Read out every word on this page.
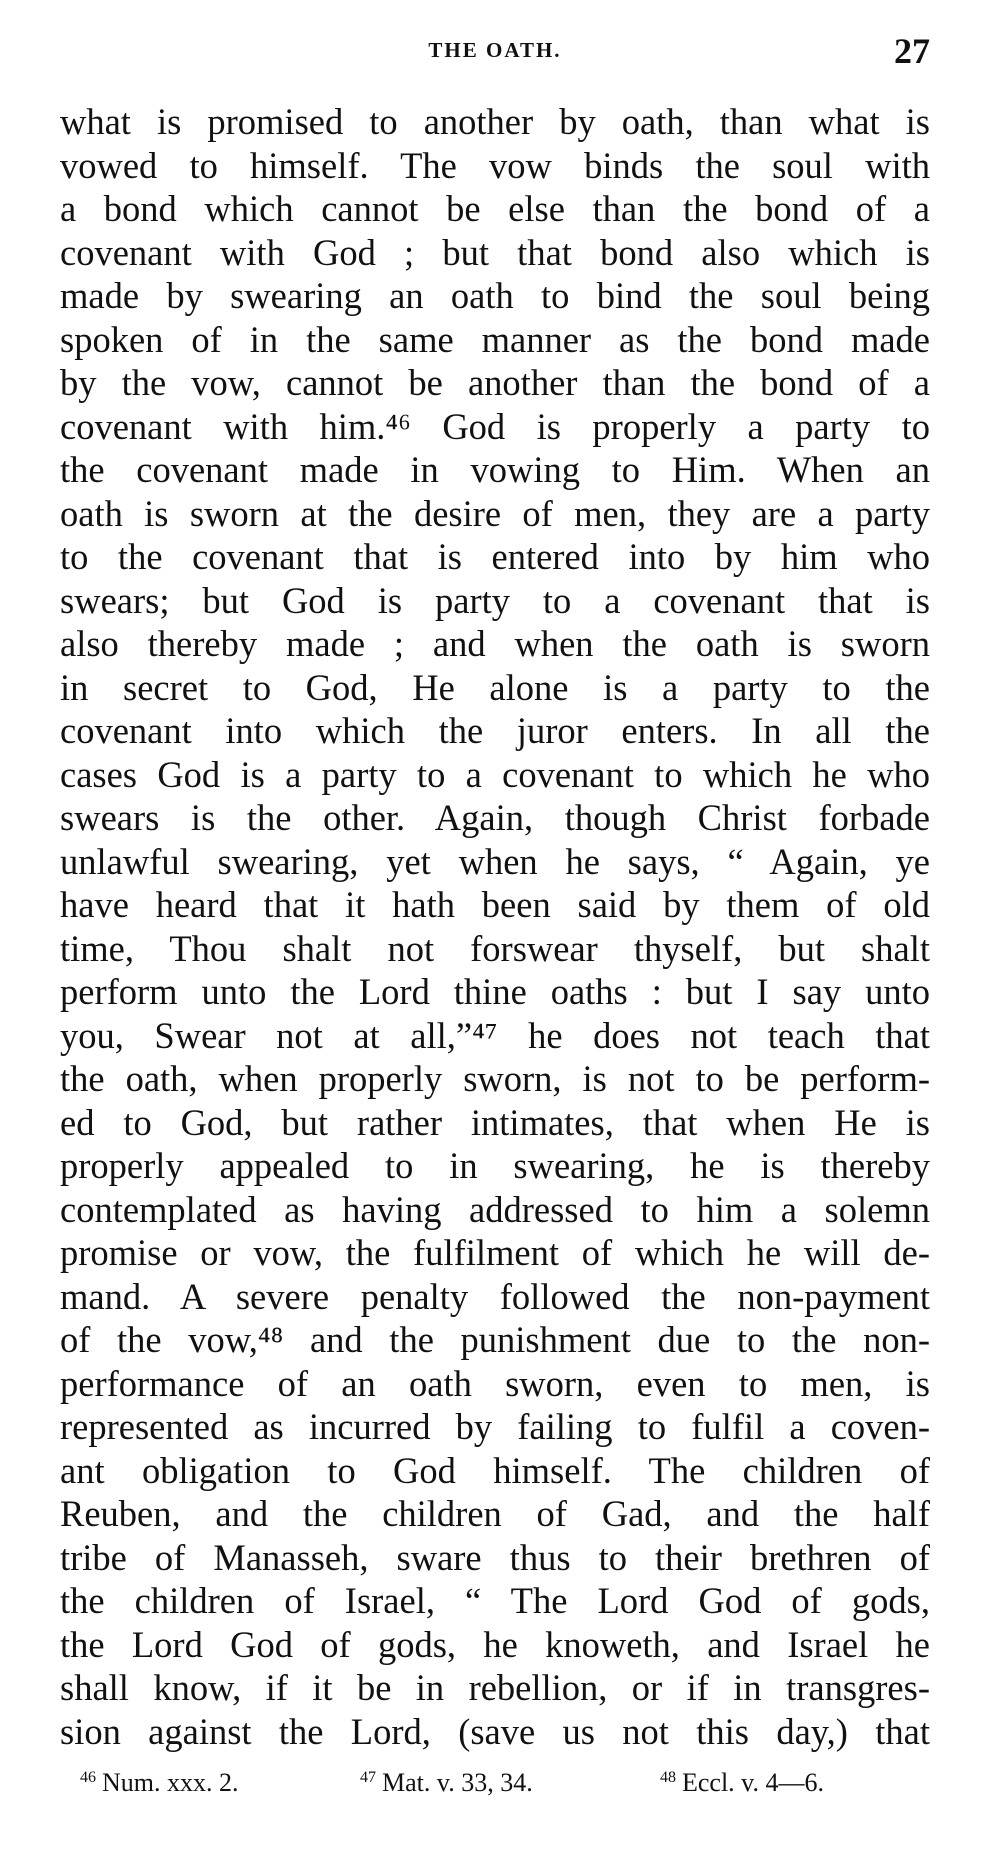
THE OATH.	27
what is promised to another by oath, than what is
vowed to himself. The vow binds the soul with
a bond which cannot be else than the bond of a
covenant with God ; but that bond also which is
made by swearing an oath to bind the soul being
spoken of in the same manner as the bond made
by the vow, cannot be another than the bond of a
covenant with him.⁴⁶ God is properly a party to
the covenant made in vowing to Him. When an
oath is sworn at the desire of men, they are a party
to the covenant that is entered into by him who
swears; but God is party to a covenant that is
also thereby made ; and when the oath is sworn
in secret to God, He alone is a party to the
covenant into which the juror enters. In all the
cases God is a party to a covenant to which he who
swears is the other. Again, though Christ forbade
unlawful swearing, yet when he says, “ Again, ye
have heard that it hath been said by them of old
time, Thou shalt not forswear thyself, but shalt
perform unto the Lord thine oaths : but I say unto
you, Swear not at all,”⁴⁷ he does not teach that
the oath, when properly sworn, is not to be perform-
ed to God, but rather intimates, that when He is
properly appealed to in swearing, he is thereby
contemplated as having addressed to him a solemn
promise or vow, the fulfilment of which he will de-
mand. A severe penalty followed the non-payment
of the vow,⁴⁸ and the punishment due to the non-
performance of an oath sworn, even to men, is
represented as incurred by failing to fulfil a coven-
ant obligation to God himself. The children of
Reuben, and the children of Gad, and the half
tribe of Manasseh, sware thus to their brethren of
the children of Israel, “ The Lord God of gods,
the Lord God of gods, he knoweth, and Israel he
shall know, if it be in rebellion, or if in transgres-
sion against the Lord, (save us not this day,) that
$^{46}$ Num. xxx. 2.	$^{47}$ Mat. v. 33, 34.	$^{48}$ Eccl. v. 4—6.
